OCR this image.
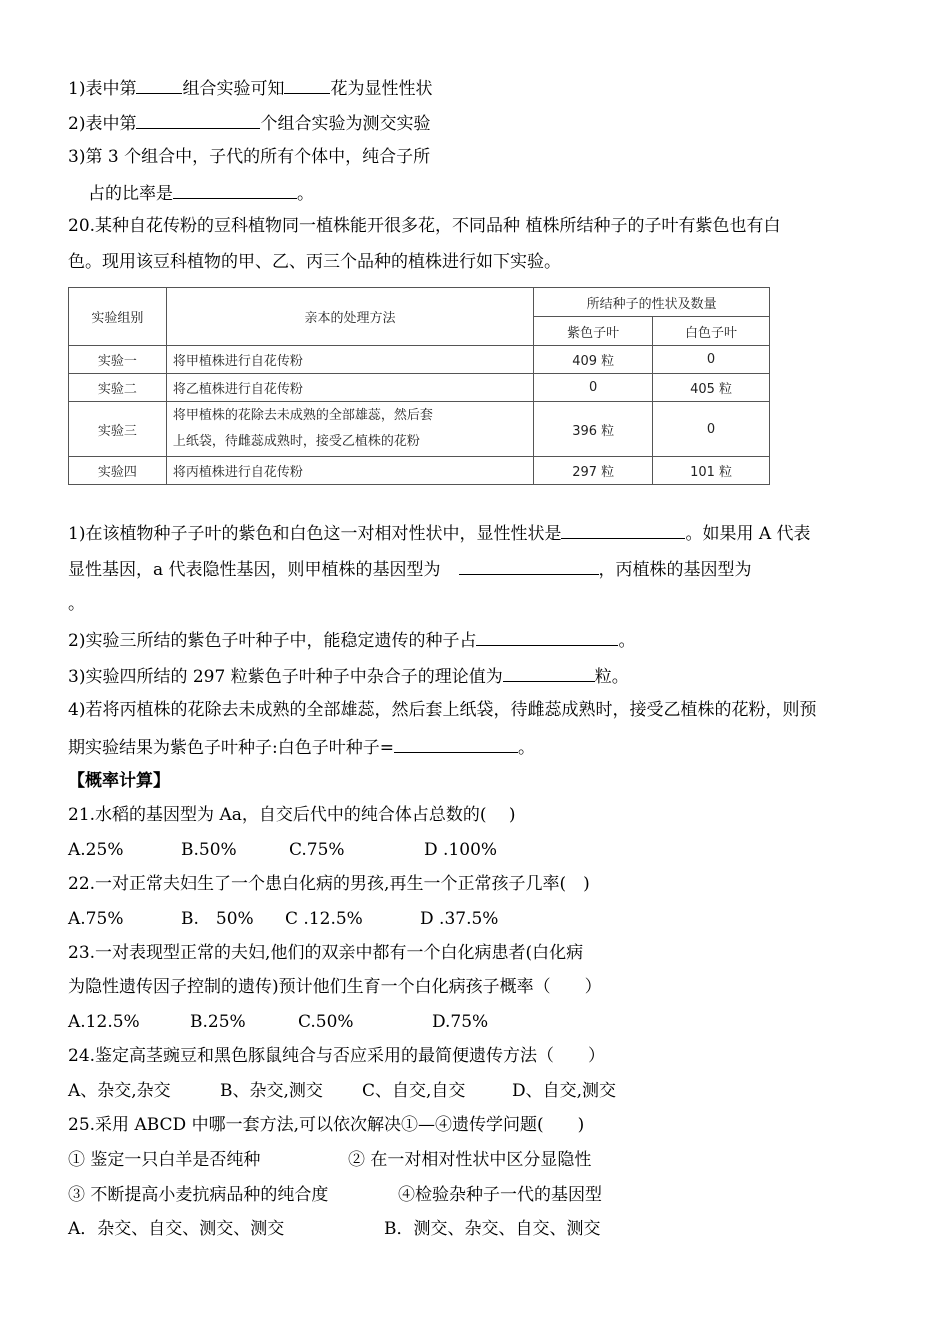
1)表中第	组合实验可知	花为显性性状
2)表中第	个组合实验为测交实验
3)第 3 个组合中，子代的所有个体中，纯合子所
占的比率是	。
20.某种自花传粉的豆科植物同一植株能开很多花，不同品种 植株所结种子的子叶有紫色也有白
色。现用该豆科植物的甲、乙、丙三个品种的植株进行如下实验。
实验组别	亲本的处理方法	所结种子的性状及数量	
		紫色子叶	白色子叶
实验一	将甲植株进行自花传粉	409 粒	0
实验二	将乙植株进行自花传粉	0	405 粒
实验三	将甲植株的花除去未成熟的全部雄蕊，然后套
上纸袋，待雌蕊成熟时，接受乙植株的花粉	396 粒	0
实验四	将丙植株进行自花传粉	297 粒	101 粒
1)在该植物种子子叶的紫色和白色这一对相对性状中，显性性状是	。如果用 A 代表
显性基因，a 代表隐性基因，则甲植株的基因型为	，丙植株的基因型为
。
2)实验三所结的紫色子叶种子中，能稳定遗传的种子占	。
3)实验四所结的 297 粒紫色子叶种子中杂合子的理论值为	粒。
4)若将丙植株的花除去未成熟的全部雄蕊，然后套上纸袋，待雌蕊成熟时，接受乙植株的花粉，则预
期实验结果为紫色子叶种子:白色子叶种子=	。
【概率计算】
21.水稻的基因型为 Aa，自交后代中的纯合体占总数的(　 )
A.25%	B.50%	C.75%	D .100%
22.一对正常夫妇生了一个患白化病的男孩,再生一个正常孩子几率(　)
A.75%	B.　50% C .12.5%	D .37.5%
23.一对表现型正常的夫妇,他们的双亲中都有一个白化病患者(白化病
为隐性遗传因子控制的遗传)预计他们生育一个白化病孩子概率（　　）
A.12.5%	B.25%	C.50%	D.75%
24.鉴定高茎豌豆和黑色豚鼠纯合与否应采用的最简便遗传方法（　　）
A、杂交,杂交	B、杂交,测交 C、自交,自交	D、自交,测交
25.采用 ABCD 中哪一套方法,可以依次解决①—④遗传学问题(　　)
① 鉴定一只白羊是否纯种	② 在一对相对性状中区分显隐性
③ 不断提高小麦抗病品种的纯合度	④检验杂种子一代的基因型
A．杂交、自交、测交、测交	B．测交、杂交、自交、测交
